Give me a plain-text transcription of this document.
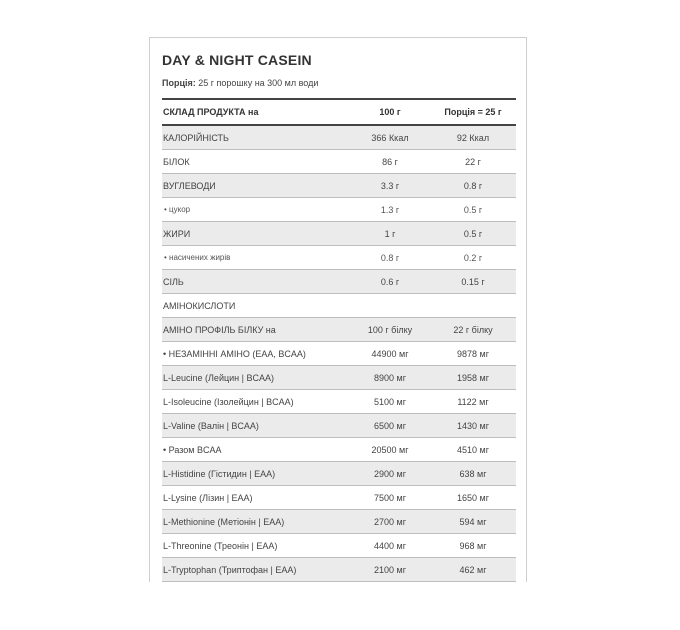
DAY & NIGHT CASEIN
Порція: 25 г порошку на 300 мл води
СКЛАД ПРОДУКТА на	100 г	Порція = 25 г
КАЛОРІЙНІСТЬ	366 Ккал	92 Ккал
БІЛОК	86 г	22 г
ВУГЛЕВОДИ	3.3 г	0.8 г
• цукор	1.3 г	0.5 г
ЖИРИ	1 г	0.5 г
• насичених жирів	0.8 г	0.2 г
СІЛЬ	0.6 г	0.15 г
АМІНОКИСЛОТИ		
АМІНО ПРОФІЛЬ БІЛКУ на	100 г білку	22 г білку
• НЕЗАМІННІ АМІНО (EAA, BCAA)	44900 мг	9878 мг
L-Leucine (Лейцин | BCAA)	8900 мг	1958 мг
L-Isoleucine (Ізолейцин | BCAA)	5100 мг	1122 мг
L-Valine (Валін | BCAA)	6500 мг	1430 мг
• Разом BCAA	20500 мг	4510 мг
L-Histidine (Гістидин | EAA)	2900 мг	638 мг
L-Lysine (Лізин | EAA)	7500 мг	1650 мг
L-Methionine (Метіонін | EAA)	2700 мг	594 мг
L-Threonine (Треонін | EAA)	4400 мг	968 мг
L-Tryptophan (Триптофан | EAA)	2100 мг	462 мг
